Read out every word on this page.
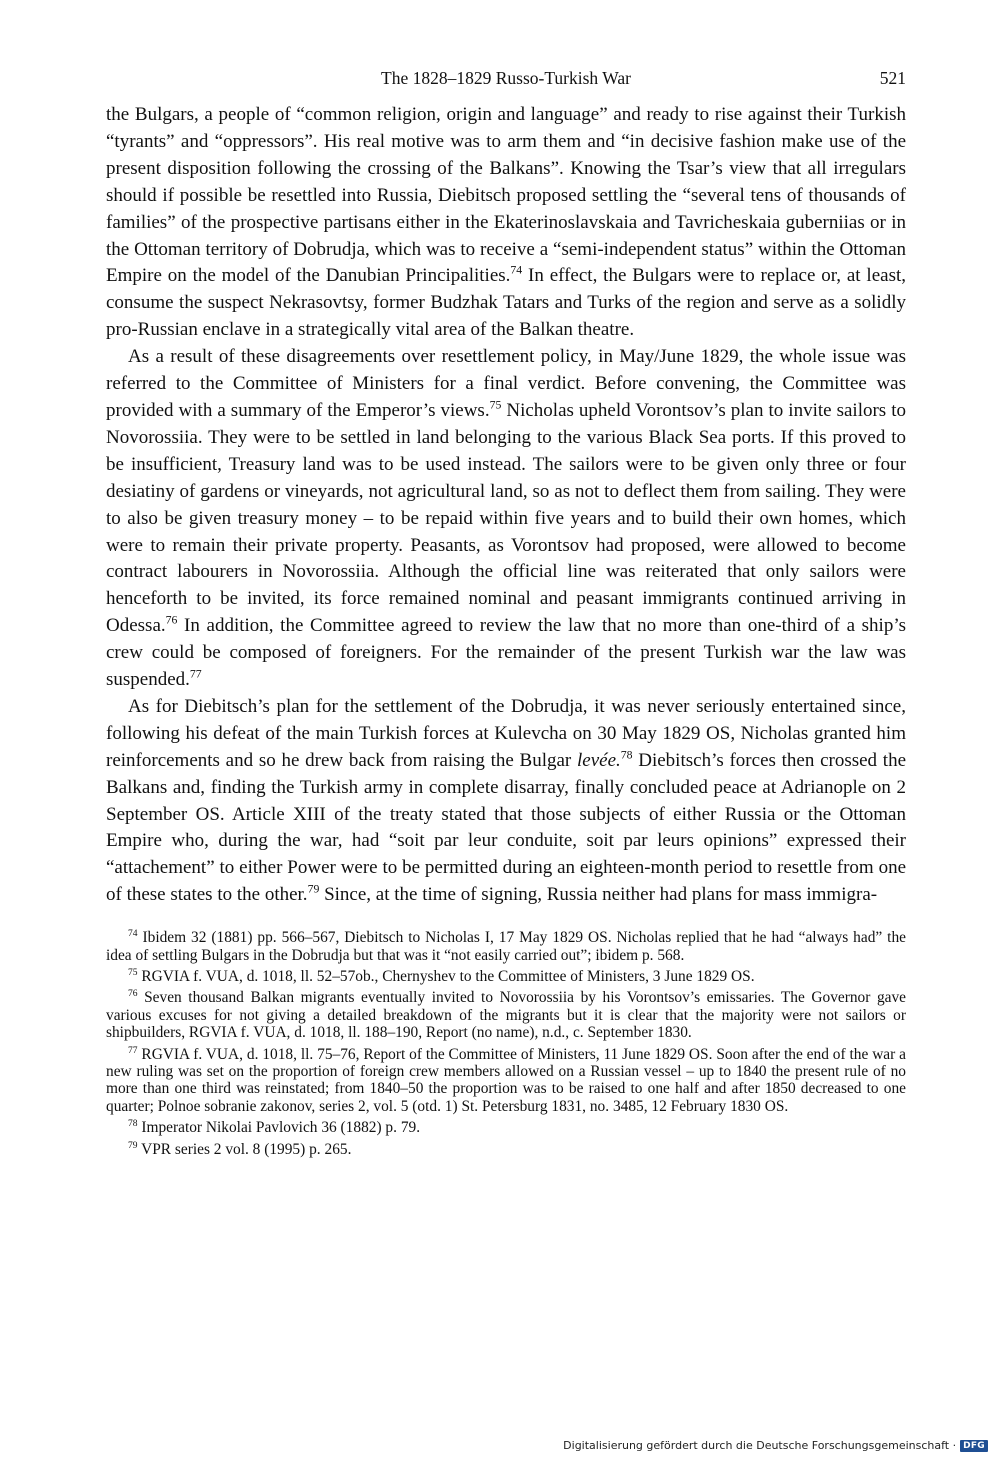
The 1828–1829 Russo-Turkish War	521

the Bulgars, a people of “common religion, origin and language” and ready to rise against their Turkish “tyrants” and “oppressors”. His real motive was to arm them and “in decisive fashion make use of the present disposition following the crossing of the Balkans”. Knowing the Tsar’s view that all irregulars should if possible be resettled into Russia, Diebitsch proposed settling the “several tens of thousands of families” of the prospective partisans either in the Ekaterinoslavskaia and Tavricheskaia guberniias or in the Ottoman territory of Dobrudja, which was to receive a “semi-independent status” within the Ottoman Empire on the model of the Danubian Principalities.$^{74}$ In effect, the Bulgars were to replace or, at least, consume the suspect Nekrasovtsy, former Budzhak Tatars and Turks of the region and serve as a solidly pro-Russian enclave in a strategically vital area of the Balkan theatre.

As a result of these disagreements over resettlement policy, in May/June 1829, the whole issue was referred to the Committee of Ministers for a final verdict. Before convening, the Committee was provided with a summary of the Emperor’s views.$^{75}$ Nicholas upheld Vorontsov’s plan to invite sailors to Novorossiia. They were to be settled in land belonging to the various Black Sea ports. If this proved to be insufficient, Treasury land was to be used instead. The sailors were to be given only three or four desiatiny of gardens or vineyards, not agricultural land, so as not to deflect them from sailing. They were to also be given treasury money – to be repaid within five years and to build their own homes, which were to remain their private property. Peasants, as Vorontsov had proposed, were allowed to become contract labourers in Novorossiia. Although the official line was reiterated that only sailors were henceforth to be invited, its force remained nominal and peasant immigrants continued arriving in Odessa.$^{76}$ In addition, the Committee agreed to review the law that no more than one-third of a ship’s crew could be composed of foreigners. For the remainder of the present Turkish war the law was suspended.$^{77}$

As for Diebitsch’s plan for the settlement of the Dobrudja, it was never seriously entertained since, following his defeat of the main Turkish forces at Kulevcha on 30 May 1829 OS, Nicholas granted him reinforcements and so he drew back from raising the Bulgar levée.$^{78}$ Diebitsch’s forces then crossed the Balkans and, finding the Turkish army in complete disarray, finally concluded peace at Adrianople on 2 September OS. Article XIII of the treaty stated that those subjects of either Russia or the Ottoman Empire who, during the war, had “soit par leur conduite, soit par leurs opinions” expressed their “attachement” to either Power were to be permitted during an eighteen-month period to resettle from one of these states to the other.$^{79}$ Since, at the time of signing, Russia neither had plans for mass immigra-

$^{74}$ Ibidem 32 (1881) pp. 566–567, Diebitsch to Nicholas I, 17 May 1829 OS. Nicholas replied that he had “always had” the idea of settling Bulgars in the Dobrudja but that was it “not easily carried out”; ibidem p. 568.

$^{75}$ RGVIA f. VUA, d. 1018, ll. 52–57ob., Chernyshev to the Committee of Ministers, 3 June 1829 OS.

$^{76}$ Seven thousand Balkan migrants eventually invited to Novorossiia by his Vorontsov’s emissaries. The Governor gave various excuses for not giving a detailed breakdown of the migrants but it is clear that the majority were not sailors or shipbuilders, RGVIA f. VUA, d. 1018, ll. 188–190, Report (no name), n.d., c. September 1830.

$^{77}$ RGVIA f. VUA, d. 1018, ll. 75–76, Report of the Committee of Ministers, 11 June 1829 OS. Soon after the end of the war a new ruling was set on the proportion of foreign crew members allowed on a Russian vessel – up to 1840 the present rule of no more than one third was reinstated; from 1840–50 the proportion was to be raised to one half and after 1850 decreased to one quarter; Polnoe sobranie zakonov, series 2, vol. 5 (otd. 1) St. Petersburg 1831, no. 3485, 12 February 1830 OS.

$^{78}$ Imperator Nikolai Pavlovich 36 (1882) p. 79.

$^{79}$ VPR series 2 vol. 8 (1995) p. 265.

Digitalisierung gefördert durch die Deutsche Forschungsgemeinschaft · DFG
